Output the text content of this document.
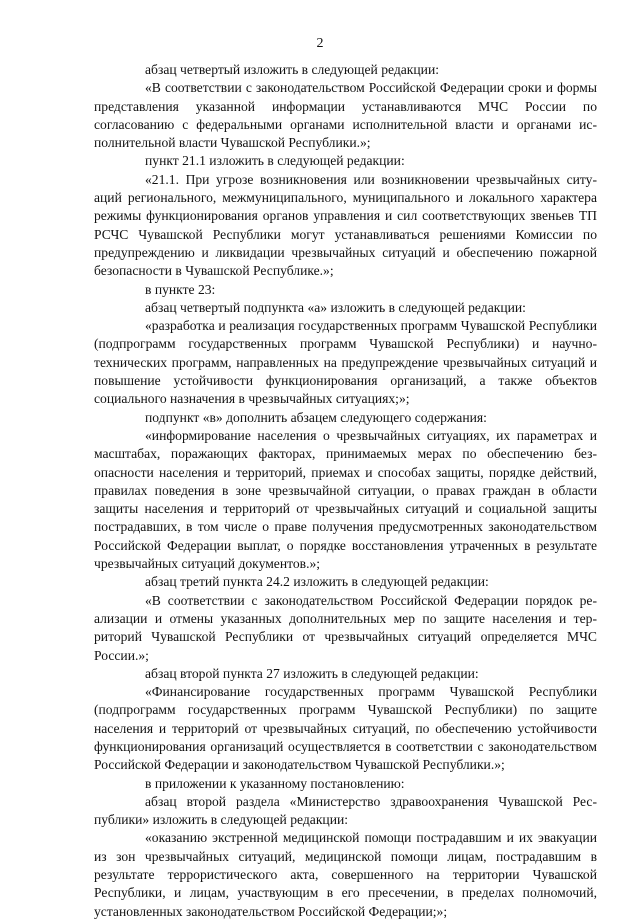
2

абзац четвертый изложить в следующей редакции:

«В соответствии с законодательством Российской Федерации сроки и формы представления указанной информации устанавливаются МЧС России по согласованию с федеральными органами исполнительной власти и органами исполнительной власти Чувашской Республики.»;

пункт 21.1 изложить в следующей редакции:

«21.1. При угрозе возникновения или возникновении чрезвычайных ситуаций регионального, межмуниципального, муниципального и локального характера режимы функционирования органов управления и сил соответствующих звеньев ТП РСЧС Чувашской Республики могут устанавливаться решениями Комиссии по предупреждению и ликвидации чрезвычайных ситуаций и обеспечению пожарной безопасности в Чувашской Республике.»;

в пункте 23:

абзац четвертый подпункта «а» изложить в следующей редакции:

«разработка и реализация государственных программ Чувашской Республики (подпрограмм государственных программ Чувашской Республики) и научно-технических программ, направленных на предупреждение чрезвычайных ситуаций и повышение устойчивости функционирования организаций, а также объектов социального назначения в чрезвычайных ситуациях;»;

подпункт «в» дополнить абзацем следующего содержания:

«информирование населения о чрезвычайных ситуациях, их параметрах и масштабах, поражающих факторах, принимаемых мерах по обеспечению безопасности населения и территорий, приемах и способах защиты, порядке действий, правилах поведения в зоне чрезвычайной ситуации, о правах граждан в области защиты населения и территорий от чрезвычайных ситуаций и социальной защиты пострадавших, в том числе о праве получения предусмотренных законодательством Российской Федерации выплат, о порядке восстановления утраченных в результате чрезвычайных ситуаций документов.»;

абзац третий пункта 24.2 изложить в следующей редакции:

«В соответствии с законодательством Российской Федерации порядок реализации и отмены указанных дополнительных мер по защите населения и территорий Чувашской Республики от чрезвычайных ситуаций определяется МЧС России.»;

абзац второй пункта 27 изложить в следующей редакции:

«Финансирование государственных программ Чувашской Республики (подпрограмм государственных программ Чувашской Республики) по защите населения и территорий от чрезвычайных ситуаций, по обеспечению устойчивости функционирования организаций осуществляется в соответствии с законодательством Российской Федерации и законодательством Чувашской Республики.»;

в приложении к указанному постановлению:

абзац второй раздела «Министерство здравоохранения Чувашской Республики» изложить в следующей редакции:

«оказанию экстренной медицинской помощи пострадавшим и их эвакуации из зон чрезвычайных ситуаций, медицинской помощи лицам, пострадавшим в результате террористического акта, совершенного на территории Чувашской Республики, и лицам, участвующим в его пресечении, в пределах полномочий, установленных законодательством Российской Федерации;»;
